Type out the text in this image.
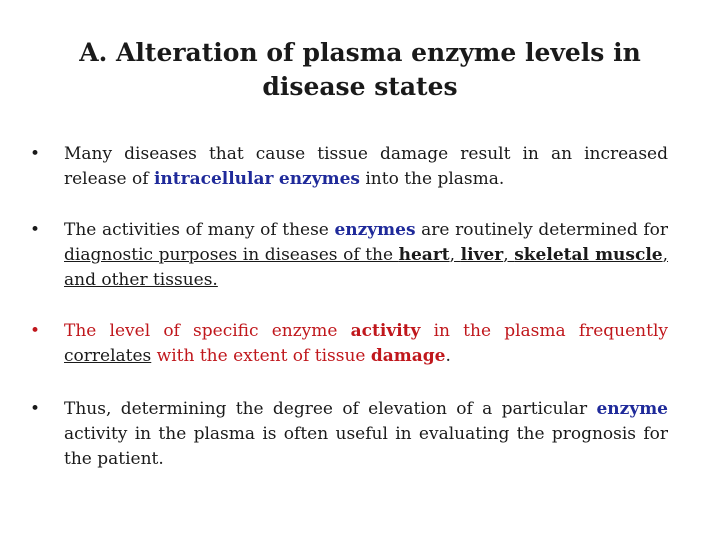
A. Alteration of plasma enzyme levels in disease states
• Many diseases that cause tissue damage result in an increased release of intracellular enzymes into the plasma.
• The activities of many of these enzymes are routinely determined for diagnostic purposes in diseases of the heart, liver, skeletal muscle, and other tissues.
• The level of specific enzyme activity in the plasma frequently correlates with the extent of tissue damage.
• Thus, determining the degree of elevation of a particular enzyme activity in the plasma is often useful in evaluating the prognosis for the patient.
